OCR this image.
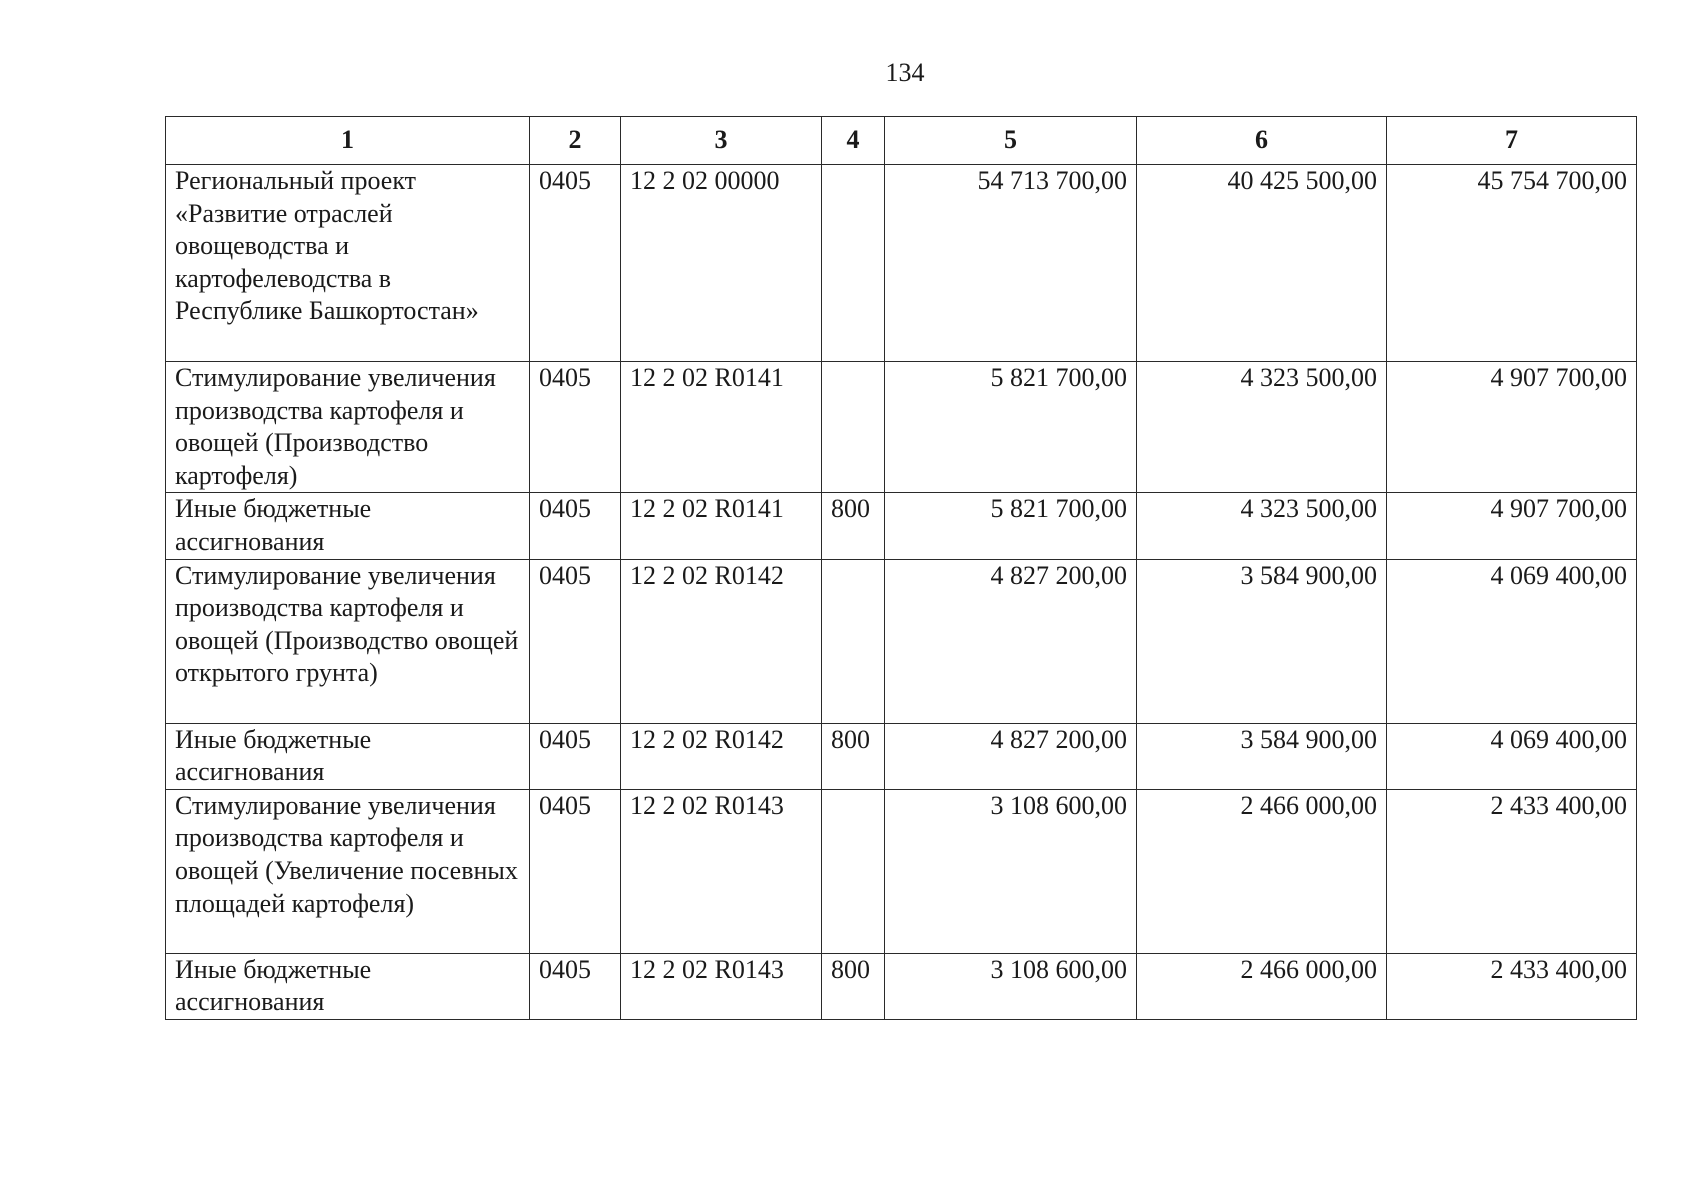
134
1	2	3	4	5	6	7
Региональный проект «Развитие отраслей овощеводства и картофелеводства в Республике Башкортостан»	0405	12 2 02 00000		54 713 700,00	40 425 500,00	45 754 700,00
Стимулирование увеличения производства картофеля и овощей (Производство картофеля)	0405	12 2 02 R0141		5 821 700,00	4 323 500,00	4 907 700,00
Иные бюджетные ассигнования	0405	12 2 02 R0141	800	5 821 700,00	4 323 500,00	4 907 700,00
Стимулирование увеличения производства картофеля и овощей (Производство овощей открытого грунта)	0405	12 2 02 R0142		4 827 200,00	3 584 900,00	4 069 400,00
Иные бюджетные ассигнования	0405	12 2 02 R0142	800	4 827 200,00	3 584 900,00	4 069 400,00
Стимулирование увеличения производства картофеля и овощей (Увеличение посевных площадей картофеля)	0405	12 2 02 R0143		3 108 600,00	2 466 000,00	2 433 400,00
Иные бюджетные ассигнования	0405	12 2 02 R0143	800	3 108 600,00	2 466 000,00	2 433 400,00
